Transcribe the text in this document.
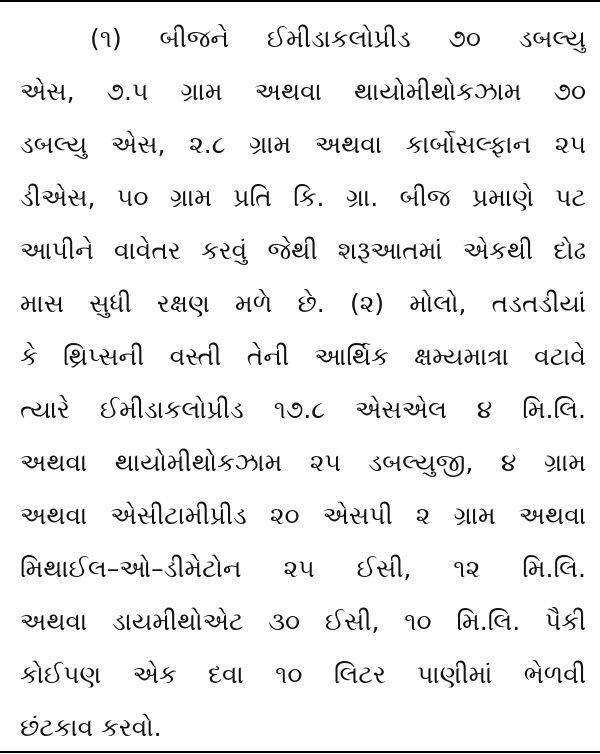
(૧) બીજને ઈમીડાકલોપ્રીડ ૭૦ ડબલ્યુ
એસ, ૭.૫ ગ્રામ અથવા થાયોમીથોકઝામ ૭૦
ડબલ્યુ એસ, ૨.૮ ગ્રામ અથવા કાર્બોસલ્ફાન ૨૫
ડીએસ, ૫૦ ગ્રામ પ્રતિ કિ. ગ્રા. બીજ પ્રમાણે પટ
આપીને વાવેતર કરવું જેથી શરૂઆતમાં એકથી દોઢ
માસ સુધી રક્ષણ મળે છે. (૨) મોલો, તડતડીયાં
કે થ્રિપ્સની વસ્તી તેની આર્થિક ક્ષમ્યમાત્રા વટાવે
ત્યારે ઈમીડાકલોપ્રીડ ૧૭.૮ એસએલ ૪ મિ.લિ.
અથવા થાયોમીથોકઝામ ૨૫ ડબલ્યુજી, ૪ ગ્રામ
અથવા એસીટામીપ્રીડ ૨૦ એસપી ૨ ગ્રામ અથવા
મિથાઈલ–ઓ–ડીમેટોન ૨૫ ઈસી, ૧૨ મિ.લિ.
અથવા ડાયમીથોએટ ૩૦ ઈસી, ૧૦ મિ.લિ. પૈકી
કોઈપણ એક દવા ૧૦ લિટર પાણીમાં ભેળવી
છંટકાવ કરવો.
